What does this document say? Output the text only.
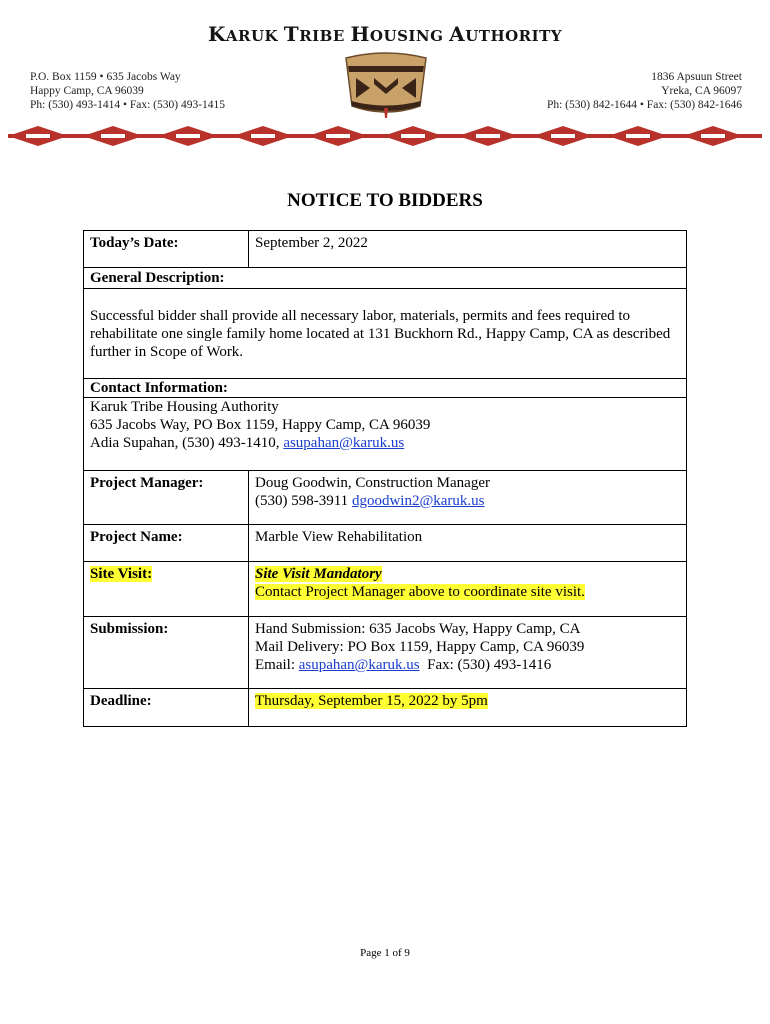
KARUK TRIBE HOUSING AUTHORITY
P.O. Box 1159 • 635 Jacobs Way
Happy Camp, CA 96039
Ph: (530) 493-1414 • Fax: (530) 493-1415
1836 Apsuun Street
Yreka, CA 96097
Ph: (530) 842-1644 • Fax: (530) 842-1646
NOTICE TO BIDDERS
Today’s Date:	September 2, 2022
General Description:
Successful bidder shall provide all necessary labor, materials, permits and fees required to rehabilitate one single family home located at 131 Buckhorn Rd., Happy Camp, CA as described further in Scope of Work.
Contact Information:
Karuk Tribe Housing Authority
635 Jacobs Way, PO Box 1159, Happy Camp, CA 96039
Adia Supahan, (530) 493-1410, asupahan@karuk.us
Project Manager:	Doug Goodwin, Construction Manager
(530) 598-3911 dgoodwin2@karuk.us
Project Name:	Marble View Rehabilitation
Site Visit:	Site Visit Mandatory
Contact Project Manager above to coordinate site visit.
Submission:	Hand Submission: 635 Jacobs Way, Happy Camp, CA
Mail Delivery: PO Box 1159, Happy Camp, CA 96039
Email: asupahan@karuk.us  Fax: (530) 493-1416
Deadline:	Thursday, September 15, 2022 by 5pm
Page 1 of 9
